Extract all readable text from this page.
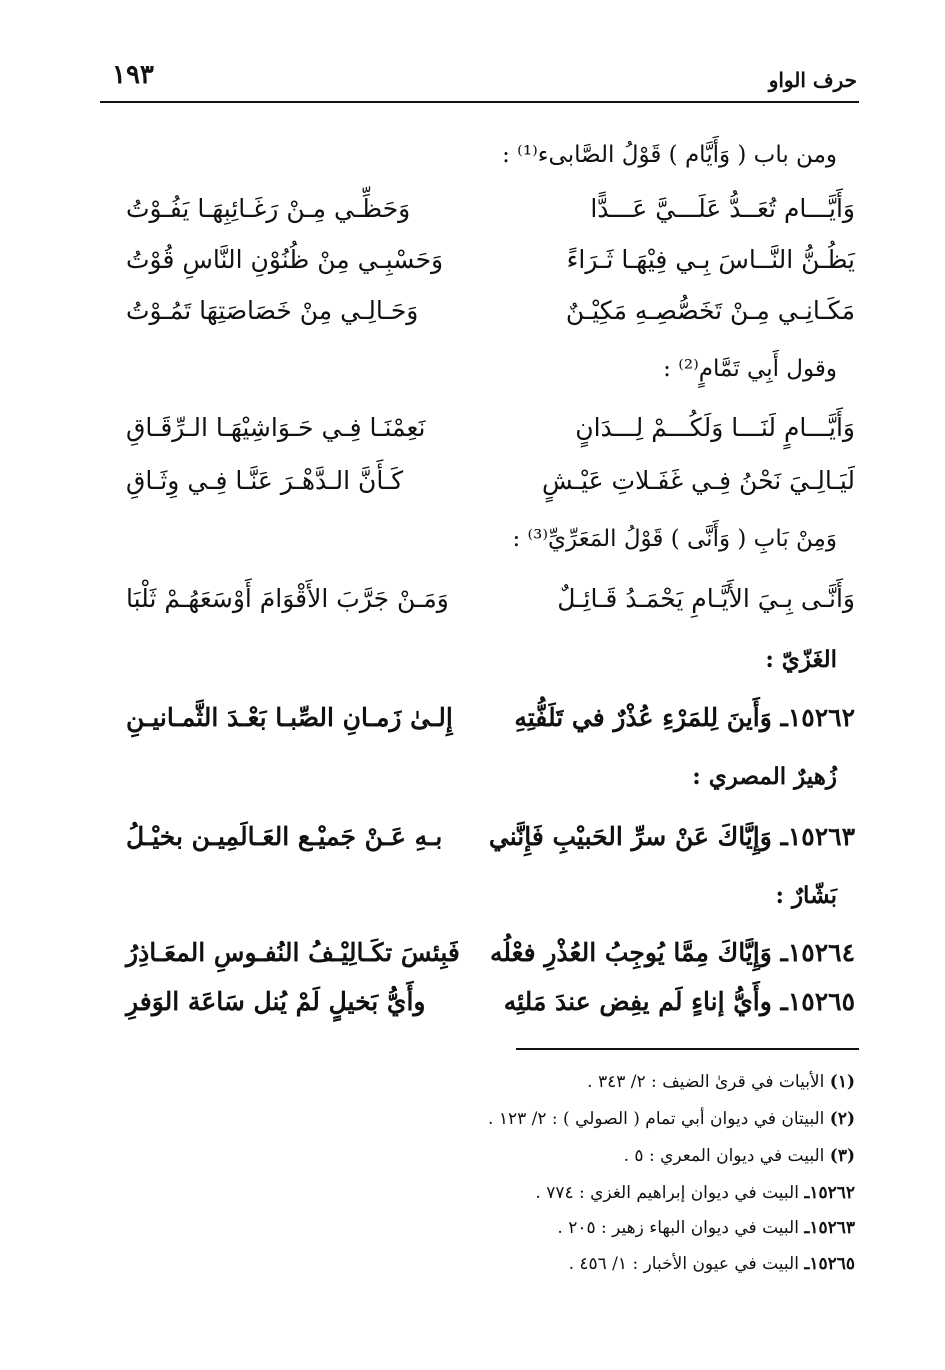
حرف الواو
١٩٣
ومن باب ( وَأَيَّام ) قَوْلُ الصَّابىء⁽¹⁾ :
وَأَيَّـــام تُعَــدُّ عَلَـــيَّ عَـــدًّا
وَحَظِّـي مِـنْ رَغَـائِبِهَـا يَفُـوْتُ
يَظُـنُّ النَّــاسَ بِـي فِيْهَـا ثَـرَاءً
وَحَسْبِـي مِنْ ظُنُوْنِ النَّاسِ قُوْتُ
مَكَـانِـي مِـنْ تَخَصُّصِـهِ مَكِيْـنٌ
وَحَـالِـي مِنْ خَصَاصَتِهَا تَمُـوْتُ
وقول أَبِي تَمَّامٍ⁽²⁾ :
وَأَيَّـــامٍ لَنَـــا وَلَكُـــمْ لِـــدَانٍ
نَعِمْنَـا فِـي حَـوَاشِيْهَـا الـرِّقَـاقِ
لَيَـالِـيَ نَحْنُ فِـي غَفَـلاتِ عَيْـشٍ
كَـأَنَّ الـدَّهْـرَ عَنَّـا فِـي وِثَـاقِ
وَمِنْ بَابِ ( وَأَنَّى ) قَوْلُ المَعَرِّيِّ⁽³⁾ :
وَأَنَّـى بِـيَ الأَيَّـامِ يَحْمَـدُ قَـائِـلٌ
وَمَـنْ جَرَّبَ الأَقْوَامَ أَوْسَعَهُـمْ ثَلْبَا
الغَزّيّ :
١٥٢٦٢ـ وَأَينَ لِلمَرْءِ عُذْرٌ في تَلَفُّتِهِ
إِلـىٰ زَمـانِ الصِّبـا بَعْـدَ الثَّمـانيـنِ
زُهيرٌ المصري :
١٥٢٦٣ـ وَإِيَّاكَ عَنْ سرِّ الحَبيْبِ فَإِنَّني
بـهِ عَـنْ جَميْـع العَـالَمِيـن بخيْـلُ
بَشّارٌ :
١٥٢٦٤ـ وَإِيَّاكَ مِمَّا يُوجِبُ العُذْرِ فعْلُه
فَبِئسَ تكَـالِيْـفُ النُفـوسِ المعَـاذِرُ
١٥٢٦٥ـ وأَيُّ إناءٍ لَم يفِض عندَ مَلئِه
وأَيُّ بَخيلٍ لَمْ يُنل سَاعَة الوَفرِ
(١) الأبيات في قرىٰ الضيف : ٢/ ٣٤٣ .
(٢) البيتان في ديوان أبي تمام ( الصولي ) : ٢/ ١٢٣ .
(٣) البيت في ديوان المعري : ٥ .
١٥٢٦٢ـ البيت في ديوان إبراهيم الغزي : ٧٧٤ .
١٥٢٦٣ـ البيت في ديوان البهاء زهير : ٢٠٥ .
١٥٢٦٥ـ البيت في عيون الأخبار : ١/ ٤٥٦ .
